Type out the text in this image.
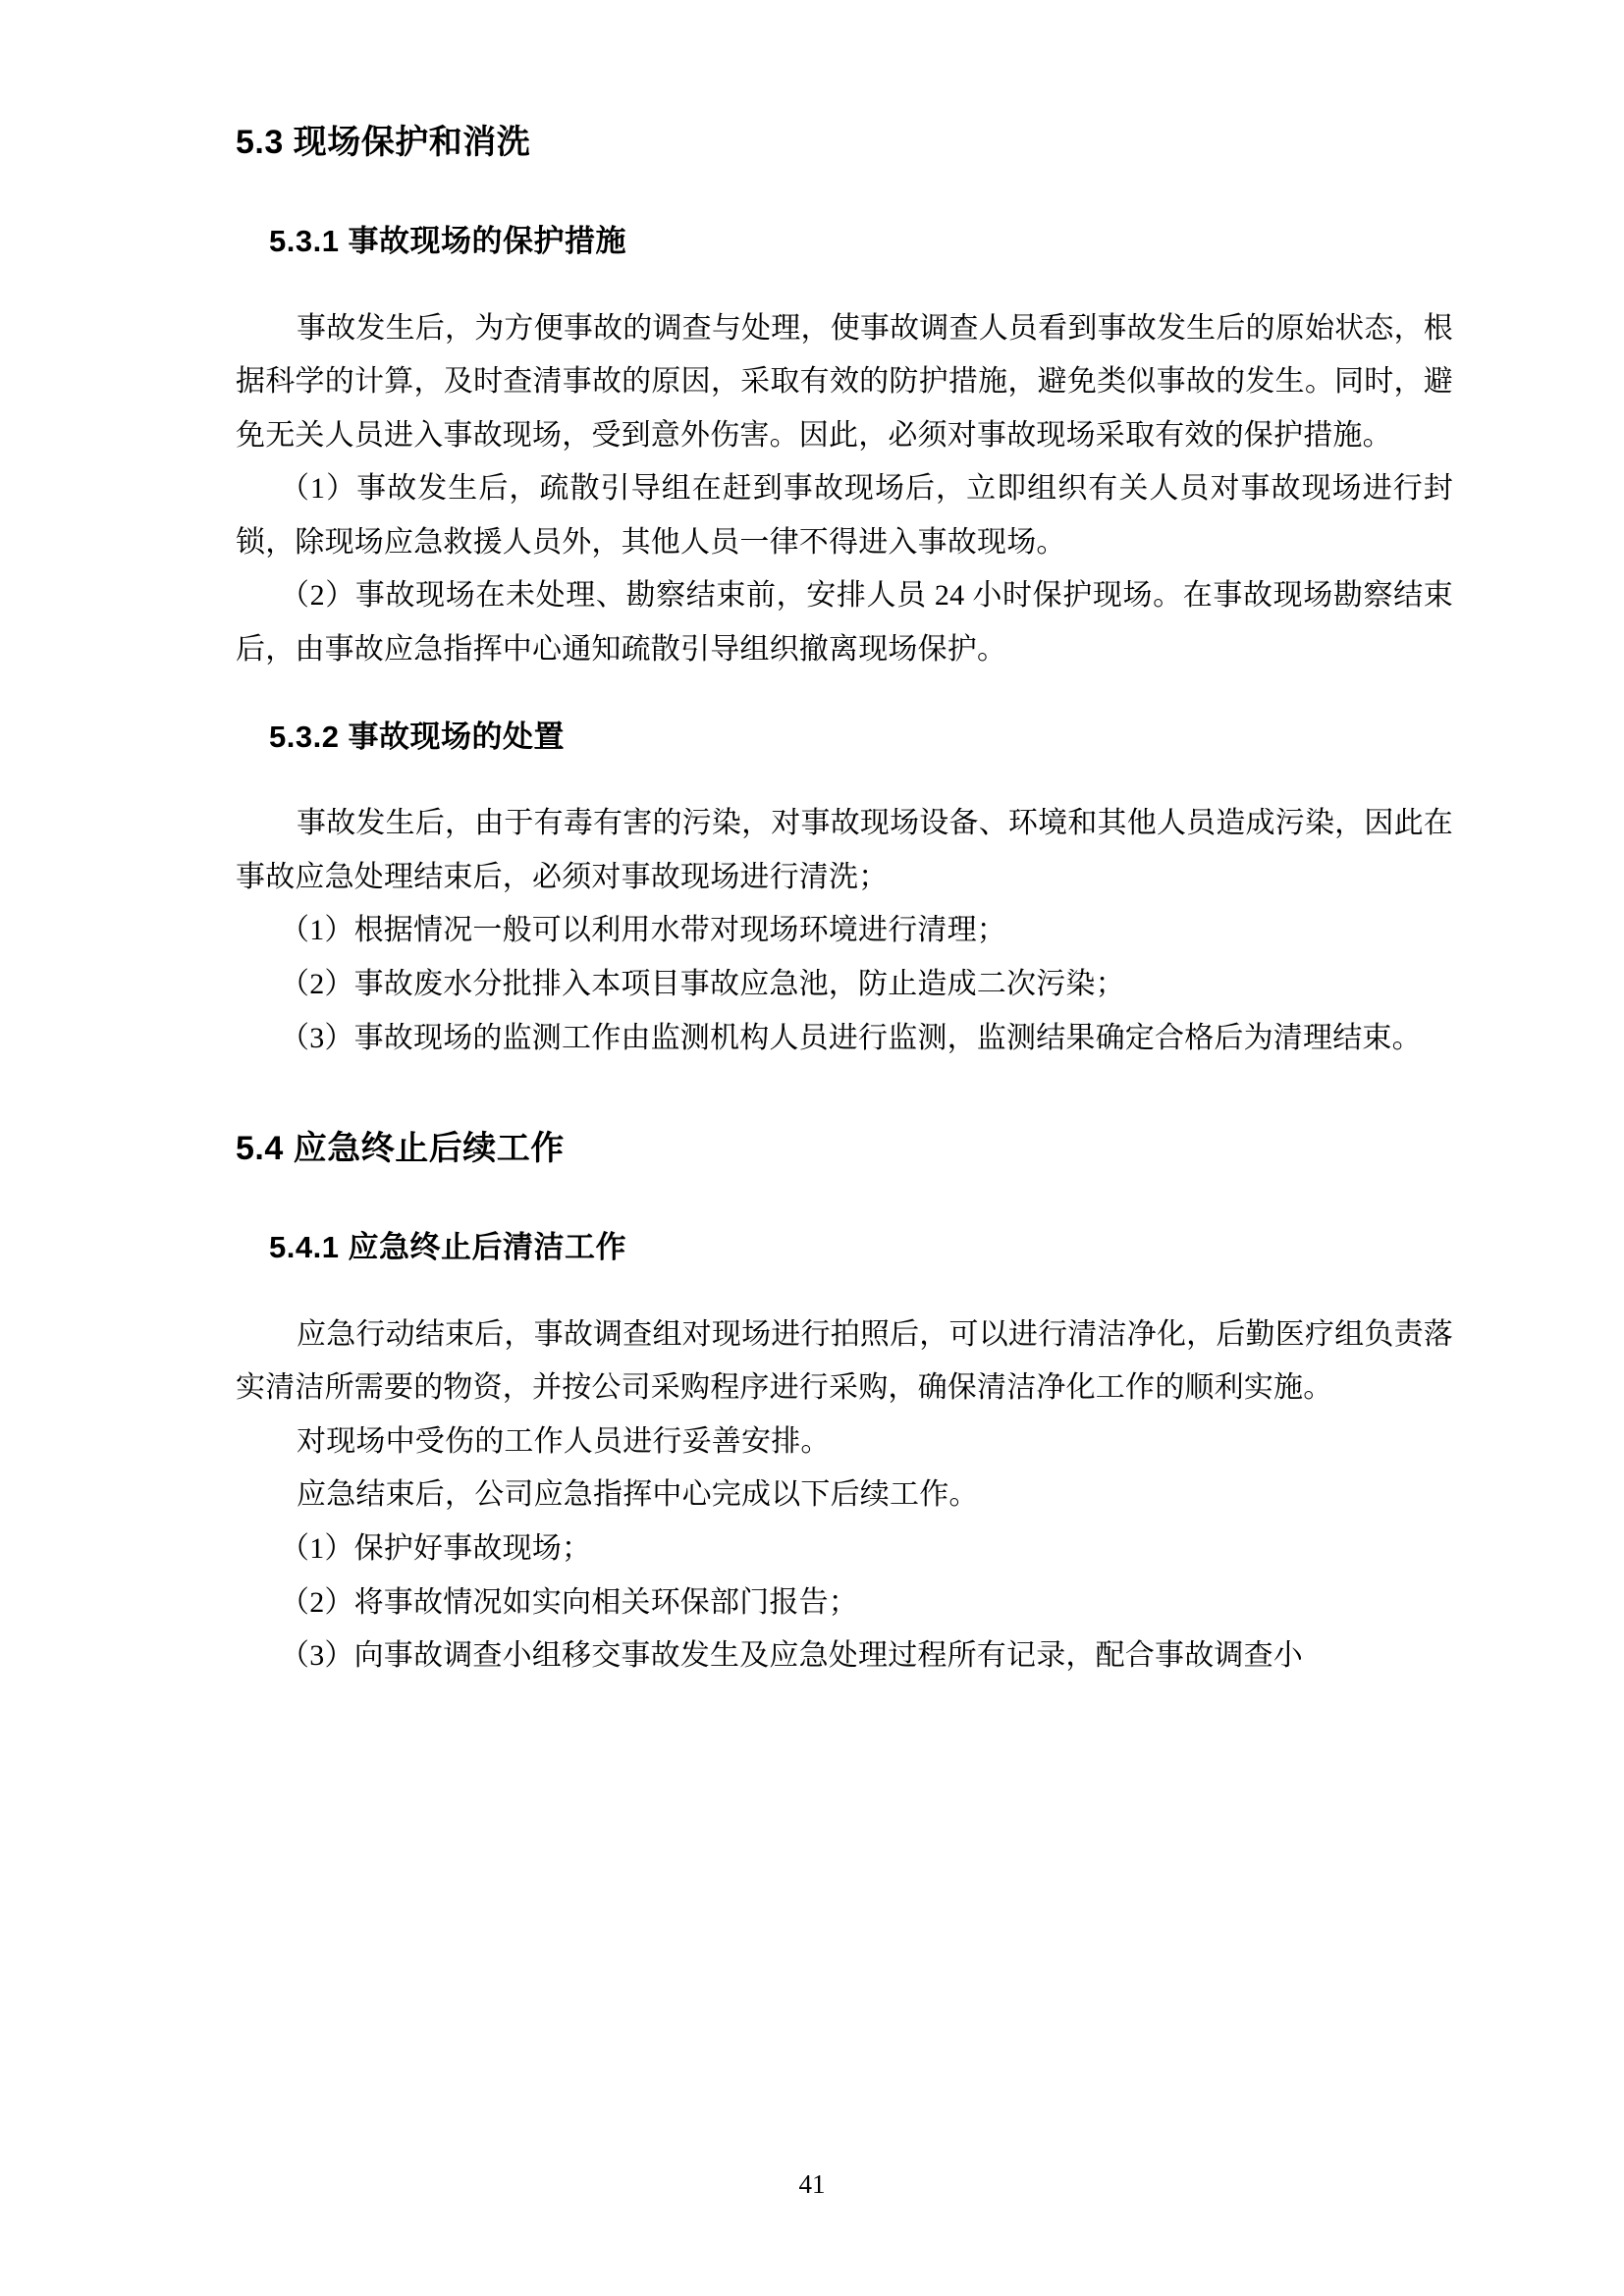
5.3 现场保护和消洗
5.3.1 事故现场的保护措施

事故发生后，为方便事故的调查与处理，使事故调查人员看到事故发生后的原始状态，根据科学的计算，及时查清事故的原因，采取有效的防护措施，避免类似事故的发生。同时，避免无关人员进入事故现场，受到意外伤害。因此，必须对事故现场采取有效的保护措施。

（1）事故发生后，疏散引导组在赶到事故现场后，立即组织有关人员对事故现场进行封锁，除现场应急救援人员外，其他人员一律不得进入事故现场。

（2）事故现场在未处理、勘察结束前，安排人员 24 小时保护现场。在事故现场勘察结束后，由事故应急指挥中心通知疏散引导组织撤离现场保护。

5.3.2 事故现场的处置

事故发生后，由于有毒有害的污染，对事故现场设备、环境和其他人员造成污染，因此在事故应急处理结束后，必须对事故现场进行清洗；

（1）根据情况一般可以利用水带对现场环境进行清理；

（2）事故废水分批排入本项目事故应急池，防止造成二次污染；

（3）事故现场的监测工作由监测机构人员进行监测，监测结果确定合格后为清理结束。

5.4 应急终止后续工作
5.4.1 应急终止后清洁工作

应急行动结束后，事故调查组对现场进行拍照后，可以进行清洁净化，后勤医疗组负责落实清洁所需要的物资，并按公司采购程序进行采购，确保清洁净化工作的顺利实施。

对现场中受伤的工作人员进行妥善安排。

应急结束后，公司应急指挥中心完成以下后续工作。

（1）保护好事故现场；

（2）将事故情况如实向相关环保部门报告；

（3）向事故调查小组移交事故发生及应急处理过程所有记录，配合事故调查小

41
